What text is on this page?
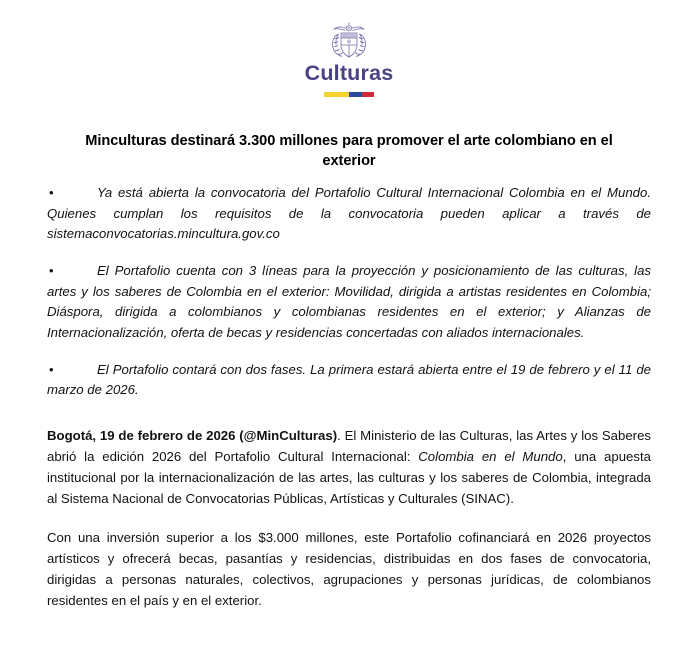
Culturas
Minculturas destinará 3.300 millones para promover el arte colombiano en el exterior
•	Ya está abierta la convocatoria del Portafolio Cultural Internacional Colombia en el Mundo. Quienes cumplan los requisitos de la convocatoria pueden aplicar a través de sistemaconvocatorias.mincultura.gov.co
•	El Portafolio cuenta con 3 líneas para la proyección y posicionamiento de las culturas, las artes y los saberes de Colombia en el exterior: Movilidad, dirigida a artistas residentes en Colombia; Diáspora, dirigida a colombianos y colombianas residentes en el exterior; y Alianzas de Internacionalización, oferta de becas y residencias concertadas con aliados internacionales.
•	El Portafolio contará con dos fases. La primera estará abierta entre el 19 de febrero y el 11 de marzo de 2026.

Bogotá, 19 de febrero de 2026 (@MinCulturas). El Ministerio de las Culturas, las Artes y los Saberes abrió la edición 2026 del Portafolio Cultural Internacional: Colombia en el Mundo, una apuesta institucional por la internacionalización de las artes, las culturas y los saberes de Colombia, integrada al Sistema Nacional de Convocatorias Públicas, Artísticas y Culturales (SINAC).

Con una inversión superior a los $3.000 millones, este Portafolio cofinanciará en 2026 proyectos artísticos y ofrecerá becas, pasantías y residencias, distribuidas en dos fases de convocatoria, dirigidas a personas naturales, colectivos, agrupaciones y personas jurídicas, de colombianos residentes en el país y en el exterior.
